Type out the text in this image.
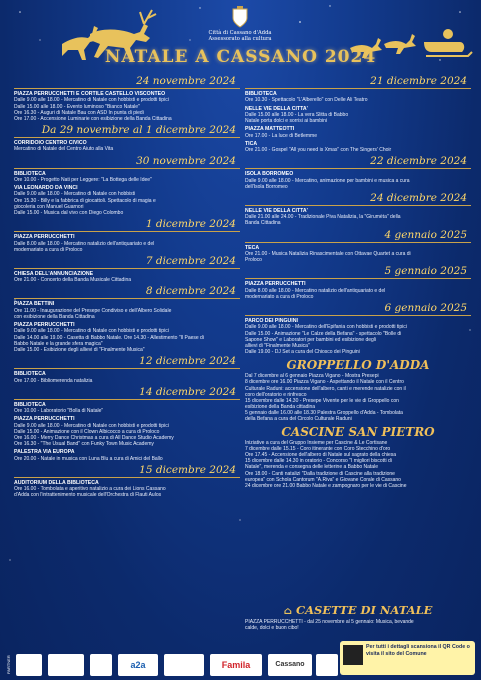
Città di Cassano d'Adda
Assessorato alla cultura
NATALE A CASSANO 2024
24 novembre 2024
PIAZZA PERRUCCHETTI E CORTILE CASTELLO VISCONTEO
Dalle 9.00 alle 18.00 - Mercatino di Natale con hobbisti e prodotti tipici
Dalle 15.00 alle 18.00 - Evento luminoso "Bianco Natale"
Ore 16.30 - Auguri di Natale Bau con ASD In punta di piedi
Ore 17.00 - Accensione Luminarie con esibizione della Banda Cittadina
Da 29 novembre al 1 dicembre 2024
CORRIDOIO CENTRO CIVICO
Mercatino di Natale del Centro Aiuto alla Vita
30 novembre 2024
BIBLIOTECA
Ore 10.00 - Progetto Nati per Leggere: "La Bottega delle Idee"
VIA LEONARDO DA VINCI
Dalle 9.00 alle 18.00 - Mercatino di Natale con hobbisti
Ore 15.30 - Billy e la fabbrica di giocattoli. Spettacolo di magia e
giocoleria con Manuel Guarnori
Dalle 15.00 - Musica dal vivo con Diego Colombo
1 dicembre 2024
PIAZZA PERRUCCHETTI
Dalle 8.00 alle 18.00 - Mercatino natalizio dell'antiquariato e del
modernariato a cura di Proloco
7 dicembre 2024
CHIESA DELL'ANNUNCIAZIONE
Ore 21.00 - Concerto della Banda Musicale Cittadina
8 dicembre 2024
PIAZZA BETTINI
Ore 11.00 - Inaugurazione del Presepe Condiviso e dell'Albero Solidale
con esibizione della Banda Cittadina
PIAZZA PERRUCCHETTI
Dalle 9.00 alle 18.00 - Mercatino di Natale con hobbisti e prodotti tipici
Dalle 14.00 alle 19.00 - Casetta di Babbo Natale. Ore 14.30 - Allestimento "Il Paese di
Babbo Natale e la grande sfera magica"
Dalle 15.00 - Esibizione degli allievi di "Finalmente Musica"
12 dicembre 2024
BIBLIOTECA
Ore 17.00 - Bibliomerenda natalizia
14 dicembre 2024
BIBLIOTECA
Ore 10.00 - Laboratorio "Bolla di Natale"
PIAZZA PERRUCCHETTI
Dalle 9.00 alle 18.00 - Mercatino di Natale con hobbisti e prodotti tipici
Dalle 15.00 - Animazione con il Clown Albicocco a cura di Proloco
Ore 16.00 - Merry Dance Christmas a cura di All Dance Studio Academy
Ore 16.30 - "The Usual Band" con Funky Town Music Academy
PALESTRA VIA EUROPA
Ore 20.00 - Natale in musica con Luna Blu a cura di Amici del Ballo
15 dicembre 2024
AUDITORIUM DELLA BIBLIOTECA
Ore 16.00 - Tombolata e aperitivo natalizio a cura dei Lions Cassano
d'Adda con l'intrattenimento musicale dell'Orchestra di Flauti Aulos
21 dicembre 2024
BIBLIOTECA
Ore 10.30 - Spettacolo "L'Alberello" con Delle Ali Teatro
NELLE VIE DELLA CITTA'
Dalle 15.00 alle 18.00 - La vera Slitta di Babbo
Natale porta dolci e sorrisi ai bambini
PIAZZA MATTEOTTI
Ore 17.00 - La luce di Betlemme
TICA
Ore 21.00 - Gospel "All you need is Xmas" con The Singers' Choir
22 dicembre 2024
ISOLA BORROMEO
Dalle 9.00 alle 18.00 - Mercatino, animazione per bambini e musica a cura
dell'Isola Borromeo
24 dicembre 2024
NELLE VIE DELLA CITTA'
Dalle 21.00 alle 24.00 - Tradizionale Piva Natalizia, la "Girumèta" della
Banda Cittadina
4 gennaio 2025
TECA
Ore 21.00 - Musica Natalizia Rinascimentale con Ottavae Quartet a cura di
Proloco
5 gennaio 2025
PIAZZA PERRUCCHETTI
Dalle 8.00 alle 18.00 - Mercatino natalizio dell'antiquariato e del
modernariato a cura di Proloco
6 gennaio 2025
PARCO DEI PINGUINI
Dalle 9.00 alle 18.00 - Mercatino dell'Epifania con hobbisti e prodotti tipici
Dalle 15.00 - Animazione "Le Calze della Befana" - spettacolo "Bolle di
Sapone Show" e Laboratori per bambini ed esibizione degli
allievi di "Finalmente Musica"
Dalle 19.00 - DJ Set a cura del Chiosco dei Pinguini
GROPPELLO D'ADDA
Dal 7 dicembre al 6 gennaio Piazza Vigano - Mostra Presepi
8 dicembre ore 16.00 Piazza Vigano - Aspettando il Natale con il Centro
Culturale Raduni: accensione dell'albero, canti e merende natalizie con il
coro dell'oratorio e rinfresco
15 dicembre dalle 14.30 - Presepe Vivente per le vie di Groppello con
esibizione della Banda cittadina
5 gennaio dalle 16.00 alle 18.30 Palestra Groppello d'Adda - Tombolata
della Befana a cura del Circolo Culturale Raduni
CASCINE SAN PIETRO
Iniziative a cura del Gruppo Insieme per Cascine & Le Cortisane
7 dicembre dalle 15.15 - Coro itinerante con Coro Stecchino d'oro
Ore 17.45 - Accensione dell'albero di Natale sul sagrato della chiesa
15 dicembre dalle 14.30 in oratorio - Concorso "I migliori biscotti di
Natale", merenda e consegna delle letterine a Babbo Natale
Ore 18.00 - Canti natalizi "Dalla tradizione di Cascine alla tradizione
europea" con Schola Cantorum "A.Riva" e Giovane Corale di Cassano
24 dicembre ore 21.00 Babbo Natale e zampognaro per le vie di Cascine
⌂ CASETTE DI NATALE
PIAZZA PERRUCCHETTI - dal 25 novembre al 5 gennaio: Musica, bevande
calde, dolci e buon cibo!
PARTNER	a2a	Famila	Cassano
Per tutti i dettagli scansiona il QR Code o visita il sito del Comune
